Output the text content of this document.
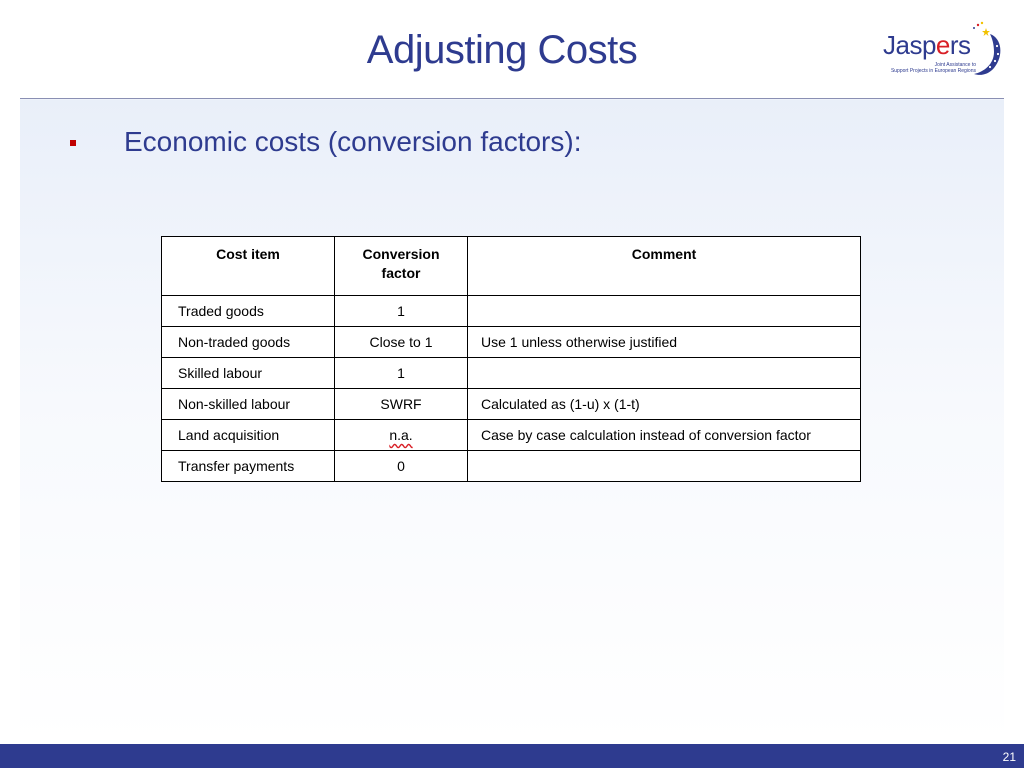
Adjusting Costs	Jaspers
Joint Assistance to
Support Projects in European Regions
Economic costs (conversion factors):
Cost item	Conversion factor	Comment
Traded goods	1	
Non-traded goods	Close to 1	Use 1 unless otherwise justified
Skilled labour	1	
Non-skilled labour	SWRF	Calculated as (1-u) x (1-t)
Land acquisition	n.a.	Case by case calculation instead of conversion factor
Transfer payments	0	
21
